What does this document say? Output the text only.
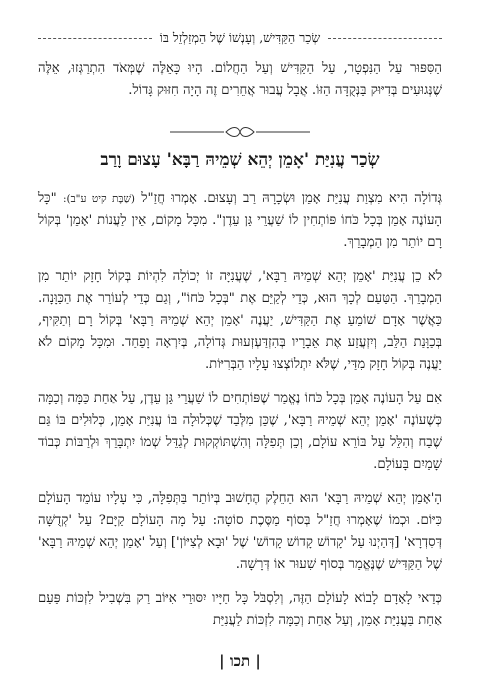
שְׂכַר הַקַּדִּישׁ, וְעָנְשׁוֹ שֶׁל הַמְזַלְזֵל בּוֹ

הַסִּפּוּר עַל הַנִּפְטָר, עַל הַקַּדִּישׁ וְעַל הַחֲלוֹם. הָיוּ כָּאֵלֶּה שֶׁמְּאֹד הִתְרַגְּזוּ, אֵלֶּה שֶׁנְּגוּעִים בְּדִיּוּק בַּנְּקֻדָּה הַזּוֹ. אֲבָל עֲבוּר אֲחֵרִים זֶה הָיָה חִזּוּק גָּדוֹל.

שְׂכַר עֲנִיַּת 'אָמֵן יְהֵא שְׁמֵיהּ רַבָּא' עָצוּם וָרַב

גְּדוֹלָה הִיא מִצְוַת עֲנִיַּת אָמֵן וּשְׂכָרָהּ רַב וְעָצוּם. אָמְרוּ חֲזַ"ל (שַׁבָּת קיט ע"ב): "כָּל הָעוֹנֶה אָמֵן בְּכָל כֹּחוֹ פּוֹתְחִין לוֹ שַׁעֲרֵי גַּן עֵדֶן". מִכָּל מָקוֹם, אֵין לַעֲנוֹת 'אָמֵן' בְּקוֹל רָם יוֹתֵר מִן הַמְבָרֵךְ.

לֹא כֵן עֲנִיַּת 'אָמֵן יְהֵא שְׁמֵיהּ רַבָּא', שֶׁעֲנִיָּה זוֹ יְכוֹלָה לִהְיוֹת בְּקוֹל חָזָק יוֹתֵר מִן הַמְבָרֵךְ. הַטַּעַם לְכָךְ הוּא, כְּדֵי לְקַיֵּם אֶת "בְּכָל כֹּחוֹ", וְגַם כְּדֵי לְעוֹרֵר אֶת הַכַּוָּנָה. כַּאֲשֶׁר אָדָם שׁוֹמֵעַ אֶת הַקַּדִּישׁ, יַעֲנֶה 'אָמֵן יְהֵא שְׁמֵיהּ רַבָּא' בְּקוֹל רָם וְתַקִּיף, בְּכַוָּנַת הַלֵּב, וְיִזְעֲזַע אֶת אֵבָרָיו בְּהִזְדַּעְזְעוּת גְּדוֹלָה, בְּיִרְאָה וָפַחַד. וּמִכָּל מָקוֹם לֹא יַעֲנֶה בְּקוֹל חָזָק מִדַּי, שֶׁלֹּא יִתְלוֹצְצוּ עָלָיו הַבְּרִיּוֹת.

אִם עַל הָעוֹנֶה אָמֵן בְּכָל כֹּחוֹ נֶאֱמַר שֶׁפּוֹתְחִים לוֹ שַׁעֲרֵי גַּן עֵדֶן, עַל אַחַת כַּמָּה וְכַמָּה כְּשֶׁעוֹנֶה 'אָמֵן יְהֵא שְׁמֵיהּ רַבָּא', שֶׁכֵּן מִלְּבַד שֶׁכְּלוּלָה בּוֹ עֲנִיַּת אָמֵן, כְּלוּלִים בּוֹ גַּם שֶׁבַח וְהִלֵּל עַל בּוֹרֵא עוֹלָם, וְכֵן תְּפִלָּה וְהִשְׁתּוֹקְקוּת לְגַדֵּל שְׁמוֹ יִתְבָּרֵךְ וּלְרַבּוֹת כְּבוֹד שָׁמַיִם בָּעוֹלָם.

הָ'אָמֵן יְהֵא שְׁמֵיהּ רַבָּא' הוּא הַחֵלֶק הֶחָשׁוּב בְּיוֹתֵר בַּתְּפִלָּה, כִּי עָלָיו עוֹמֵד הָעוֹלָם כִּיּוֹם. וּכְמוֹ שֶׁאָמְרוּ חֲזַ"ל בְּסוֹף מַסֶּכֶת סוֹטָה: עַל מָה הָעוֹלָם קַיָּם? עַל 'קְדֻשָּׁה דְּסִדְרָא' [דְּהַיְנוּ עַל 'קָדוֹשׁ קָדוֹשׁ קָדוֹשׁ' שֶׁל 'וּבָא לְצִיּוֹן'] וְעַל 'אָמֵן יְהֵא שְׁמֵיהּ רַבָּא' שֶׁל הַקַּדִּישׁ שֶׁנֶּאֱמַר בְּסוֹף שִׁעוּר אוֹ דְּרָשָׁה.

כְּדַאי לָאָדָם לָבוֹא לָעוֹלָם הַזֶּה, וְלִסְבֹּל כָּל חַיָּיו יִסּוּרֵי אִיּוֹב רַק בִּשְׁבִיל לִזְכּוֹת פַּעַם אַחַת בַּעֲנִיַּת אָמֵן, וְעַל אַחַת וְכַמָּה לִזְכּוֹת לַעֲנִיַּת

| תכו |
